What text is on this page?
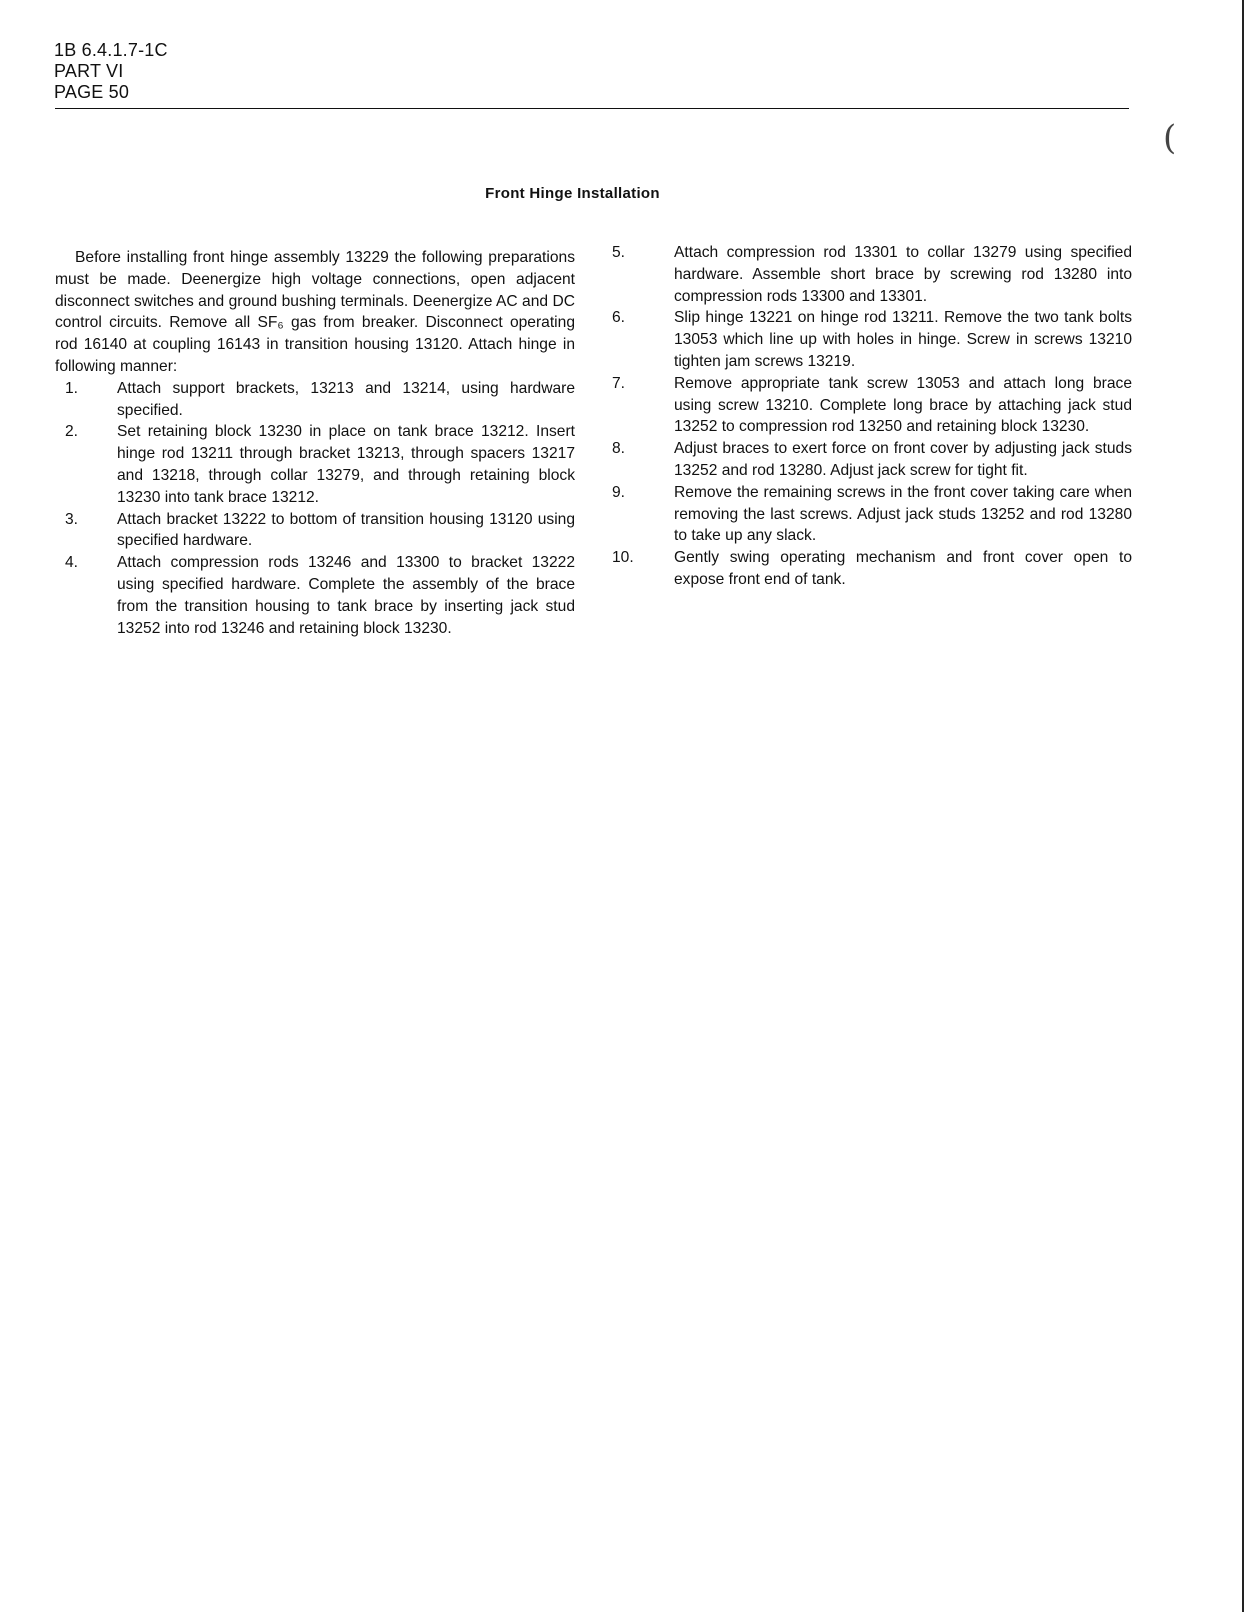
1B 6.4.1.7-1C
PART VI
PAGE 50
(
Front Hinge Installation

Before installing front hinge assembly 13229 the following preparations must be made. Deenergize high voltage connections, open adjacent disconnect switches and ground bushing terminals. Deenergize AC and DC control circuits. Remove all SF₆ gas from breaker. Disconnect operating rod 16140 at coupling 16143 in transition housing 13120. Attach hinge in following manner:

1.	Attach support brackets, 13213 and 13214, using hardware specified.
2.	Set retaining block 13230 in place on tank brace 13212. Insert hinge rod 13211 through bracket 13213, through spacers 13217 and 13218, through collar 13279, and through retaining block 13230 into tank brace 13212.
3.	Attach bracket 13222 to bottom of transition housing 13120 using specified hardware.
4.	Attach compression rods 13246 and 13300 to bracket 13222 using specified hardware. Complete the assembly of the brace from the transition housing to tank brace by inserting jack stud 13252 into rod 13246 and retaining block 13230.
5.	Attach compression rod 13301 to collar 13279 using specified hardware. Assemble short brace by screwing rod 13280 into compression rods 13300 and 13301.
6.	Slip hinge 13221 on hinge rod 13211. Remove the two tank bolts 13053 which line up with holes in hinge. Screw in screws 13210 tighten jam screws 13219.
7.	Remove appropriate tank screw 13053 and attach long brace using screw 13210. Complete long brace by attaching jack stud 13252 to compression rod 13250 and retaining block 13230.
8.	Adjust braces to exert force on front cover by adjusting jack studs 13252 and rod 13280. Adjust jack screw for tight fit.
9.	Remove the remaining screws in the front cover taking care when removing the last screws. Adjust jack studs 13252 and rod 13280 to take up any slack.
10.	Gently swing operating mechanism and front cover open to expose front end of tank.
